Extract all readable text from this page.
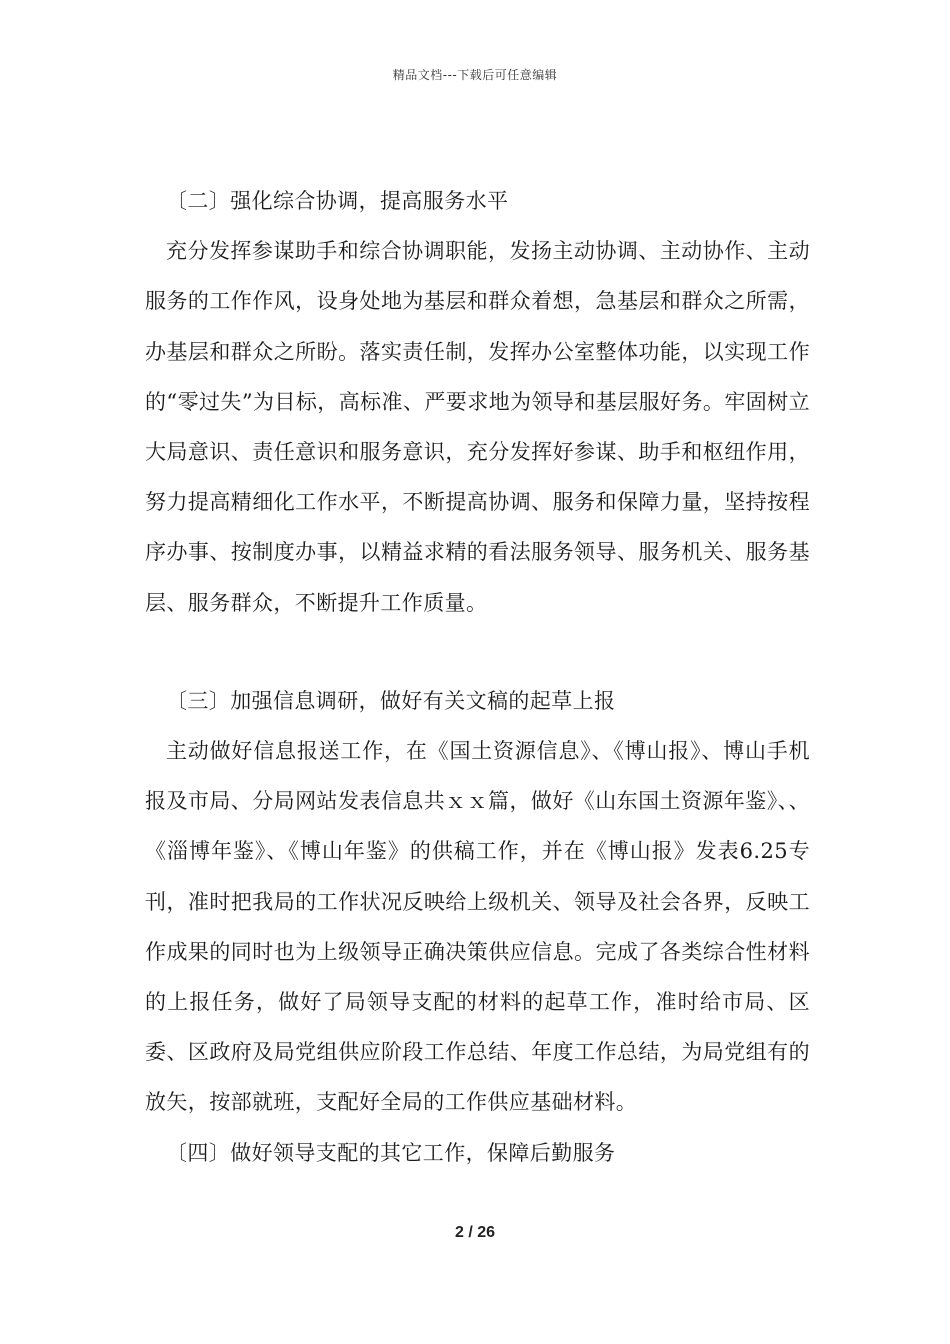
精品文档---下载后可任意编辑

〔二〕强化综合协调，提高服务水平

充分发挥参谋助手和综合协调职能，发扬主动协调、主动协作、主动服务的工作作风，设身处地为基层和群众着想，急基层和群众之所需，办基层和群众之所盼。落实责任制，发挥办公室整体功能，以实现工作的“零过失”为目标，高标准、严要求地为领导和基层服好务。牢固树立大局意识、责任意识和服务意识，充分发挥好参谋、助手和枢纽作用，努力提高精细化工作水平，不断提高协调、服务和保障力量，坚持按程序办事、按制度办事，以精益求精的看法服务领导、服务机关、服务基层、服务群众，不断提升工作质量。

〔三〕加强信息调研，做好有关文稿的起草上报

主动做好信息报送工作，在《国土资源信息》、《博山报》、博山手机报及市局、分局网站发表信息共ｘｘ篇，做好《山东国土资源年鉴》、、《淄博年鉴》、《博山年鉴》的供稿工作，并在《博山报》发表6.25专刊，准时把我局的工作状况反映给上级机关、领导及社会各界，反映工作成果的同时也为上级领导正确决策供应信息。完成了各类综合性材料的上报任务，做好了局领导支配的材料的起草工作，准时给市局、区委、区政府及局党组供应阶段工作总结、年度工作总结，为局党组有的放矢，按部就班，支配好全局的工作供应基础材料。

〔四〕做好领导支配的其它工作，保障后勤服务

2 / 26
